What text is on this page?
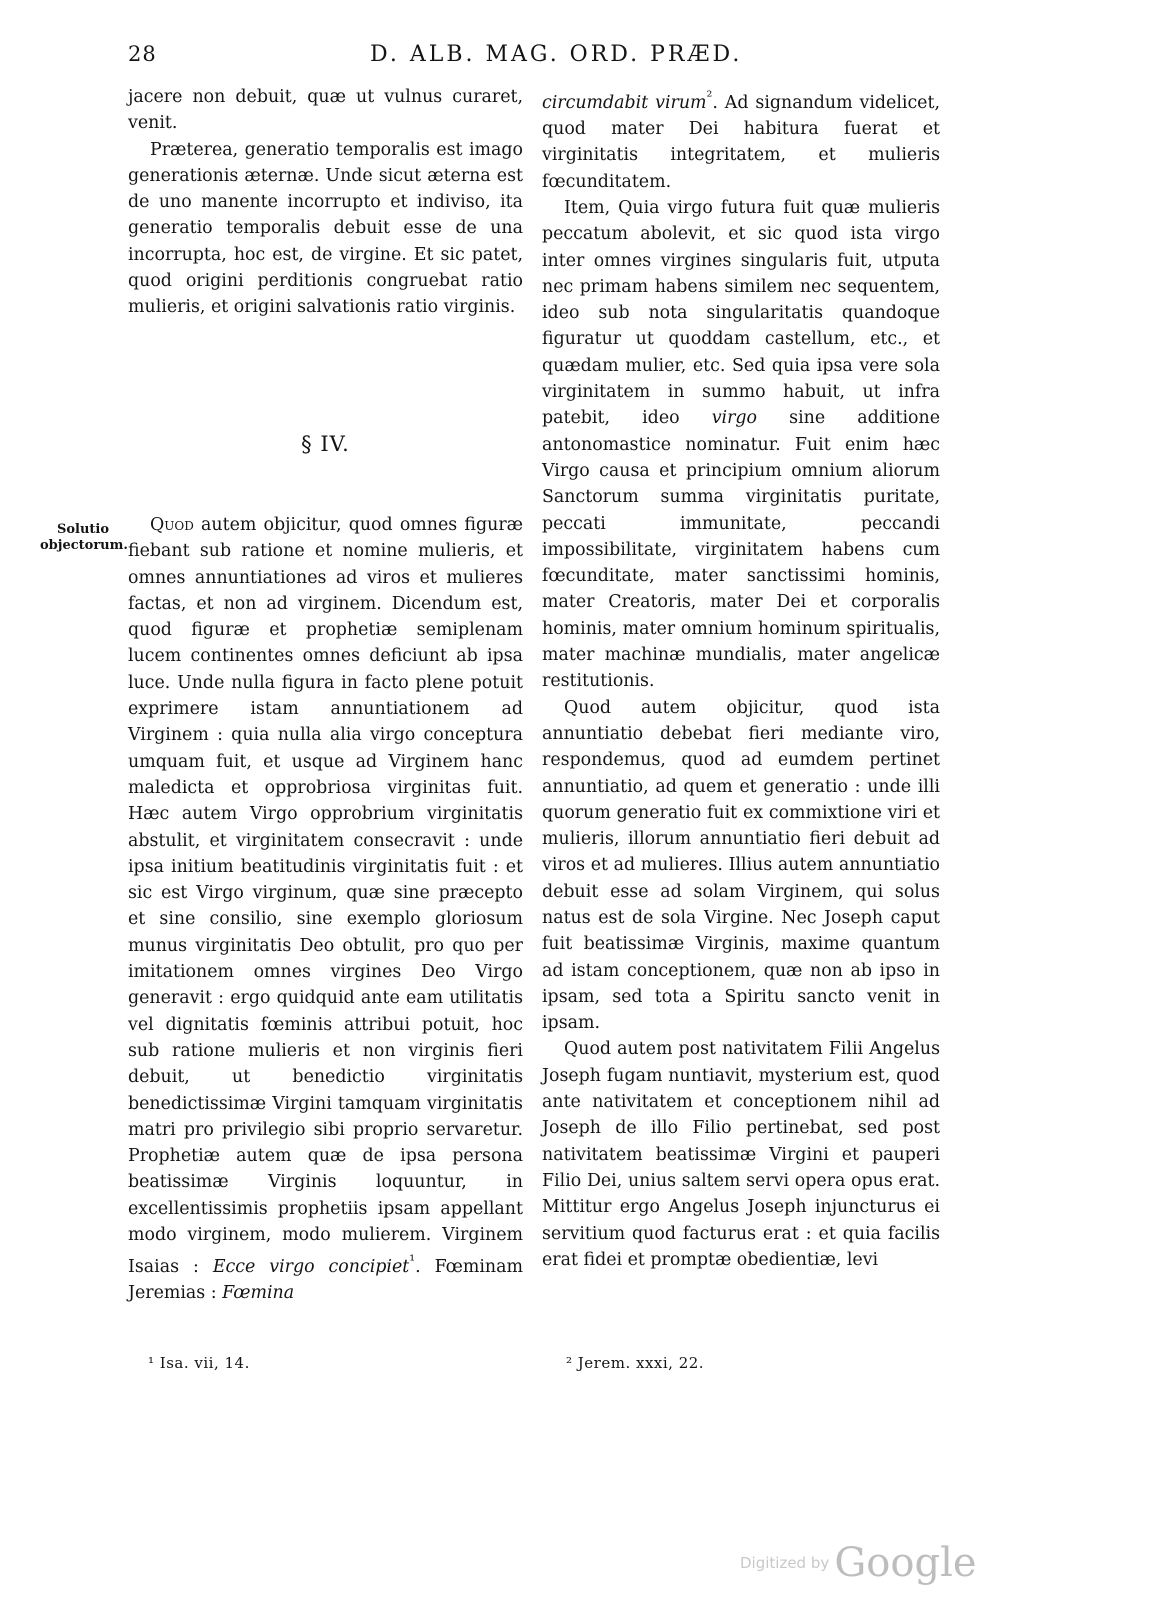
28	D. ALB. MAG. ORD. PRÆD.

jacere non debuit, quæ ut vulnus curaret, venit.

Præterea, generatio temporalis est imago generationis æternæ. Unde sicut æterna est de uno manente incorrupto et indiviso, ita generatio temporalis debuit esse de una incorrupta, hoc est, de virgine. Et sic patet, quod origini perditionis congruebat ratio mulieris, et origini salvationis ratio virginis.

§ IV.
Solutio objectorum.

Quod autem objicitur, quod omnes figuræ fiebant sub ratione et nomine mulieris, et omnes annuntiationes ad viros et mulieres factas, et non ad virginem. Dicendum est, quod figuræ et prophetiæ semiplenam lucem continentes omnes deficiunt ab ipsa luce. Unde nulla figura in facto plene potuit exprimere istam annuntiationem ad Virginem : quia nulla alia virgo conceptura umquam fuit, et usque ad Virginem hanc maledicta et opprobriosa virginitas fuit. Hæc autem Virgo opprobrium virginitatis abstulit, et virginitatem consecravit : unde ipsa initium beatitudinis virginitatis fuit : et sic est Virgo virginum, quæ sine præcepto et sine consilio, sine exemplo gloriosum munus virginitatis Deo obtulit, pro quo per imitationem omnes virgines Deo Virgo generavit : ergo quidquid ante eam utilitatis vel dignitatis fœminis attribui potuit, hoc sub ratione mulieris et non virginis fieri debuit, ut benedictio virginitatis benedictissimæ Virgini tamquam virginitatis matri pro privilegio sibi proprio servaretur. Prophetiæ autem quæ de ipsa persona beatissimæ Virginis loquuntur, in excellentissimis prophetiis ipsam appellant modo virginem, modo mulierem. Virginem Isaias : Ecce virgo concipiet$^{^1}$. Fœminam Jeremias : Fœmina

circumdabit virum$^{^2}$. Ad signandum videlicet, quod mater Dei habitura fuerat et virginitatis integritatem, et mulieris fœcunditatem.

Item, Quia virgo futura fuit quæ mulieris peccatum abolevit, et sic quod ista virgo inter omnes virgines singularis fuit, utputa nec primam habens similem nec sequentem, ideo sub nota singularitatis quandoque figuratur ut quoddam castellum, etc., et quædam mulier, etc. Sed quia ipsa vere sola virginitatem in summo habuit, ut infra patebit, ideo virgo sine additione antonomastice nominatur. Fuit enim hæc Virgo causa et principium omnium aliorum Sanctorum summa virginitatis puritate, peccati immunitate, peccandi impossibilitate, virginitatem habens cum fœcunditate, mater sanctissimi hominis, mater Creatoris, mater Dei et corporalis hominis, mater omnium hominum spiritualis, mater machinæ mundialis, mater angelicæ restitutionis.

Quod autem objicitur, quod ista annuntiatio debebat fieri mediante viro, respondemus, quod ad eumdem pertinet annuntiatio, ad quem et generatio : unde illi quorum generatio fuit ex commixtione viri et mulieris, illorum annuntiatio fieri debuit ad viros et ad mulieres. Illius autem annuntiatio debuit esse ad solam Virginem, qui solus natus est de sola Virgine. Nec Joseph caput fuit beatissimæ Virginis, maxime quantum ad istam conceptionem, quæ non ab ipso in ipsam, sed tota a Spiritu sancto venit in ipsam.

Quod autem post nativitatem Filii Angelus Joseph fugam nuntiavit, mysterium est, quod ante nativitatem et conceptionem nihil ad Joseph de illo Filio pertinebat, sed post nativitatem beatissimæ Virgini et pauperi Filio Dei, unius saltem servi opera opus erat. Mittitur ergo Angelus Joseph injuncturus ei servitium quod facturus erat : et quia facilis erat fidei et promptæ obedientiæ, levi

¹ Isa. vii, 14.	² Jerem. xxxi, 22.
Digitized by Google
